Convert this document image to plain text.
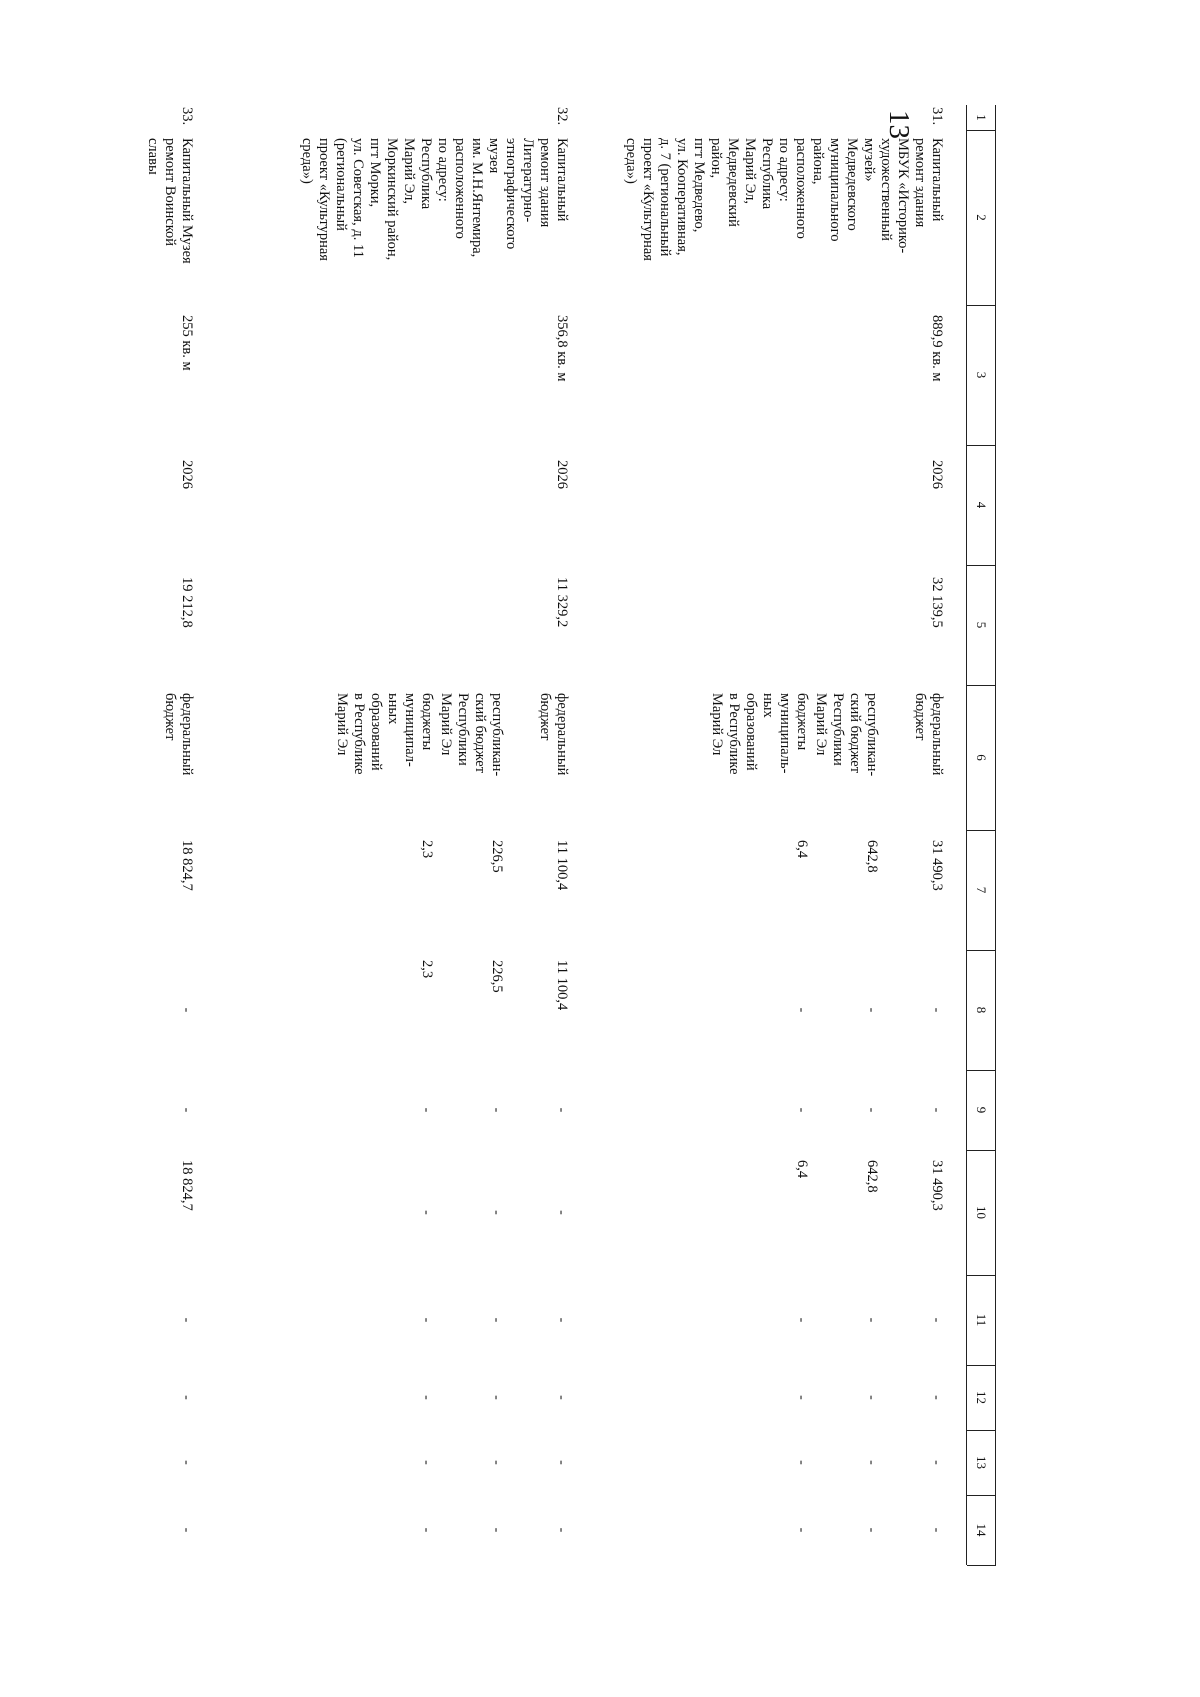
13	1
2
3
4
5
6
7
8
9
10
11
12
13
14
31.
Капитальный
ремонт здания
МБУК «Историко-
художественный
музей»
Медведевского
муниципального
района,
расположенного
по адресу:
Республика
Марий Эл,
Медведевский
район,
пгт Медведево,
ул. Кооперативная,
д. 7 (региональный
проект «Культурная
среда»)
889,9 кв. м
2026
32 139,5
федеральный
бюджет
31 490,3
-
-
31 490,3
-
-
-
-
республикан-
ский бюджет
Республики
Марий Эл
642,8
-
-
642,8
-
-
-
-
бюджеты
муниципаль-
ных
образований
в Республике
Марий Эл
6,4
-
-
6,4
-
-
-
-
32.
Капитальный
ремонт здания
Литературно-
этнографического
музея
им. М.Н.Янтемира,
расположенного
по адресу:
Республика
Марий Эл,
Моркинский район,
пгт Морки,
ул. Советская, д. 11
(региональный
проект «Культурная
среда»)
356,8 кв. м
2026
11 329,2
федеральный
бюджет
11 100,4
11 100,4
-
-
-
-
-
-
республикан-
ский бюджет
Республики
Марий Эл
226,5
226,5
-
-
-
-
-
-
бюджеты
муниципал-
ьных
образований
в Республике
Марий Эл
2,3
2,3
-
-
-
-
-
-
33.
Капитальный Музея
ремонт Воинской
славы
255 кв. м
2026
19 212,8
федеральный
бюджет
18 824,7
-
-
18 824,7
-
-
-
-
